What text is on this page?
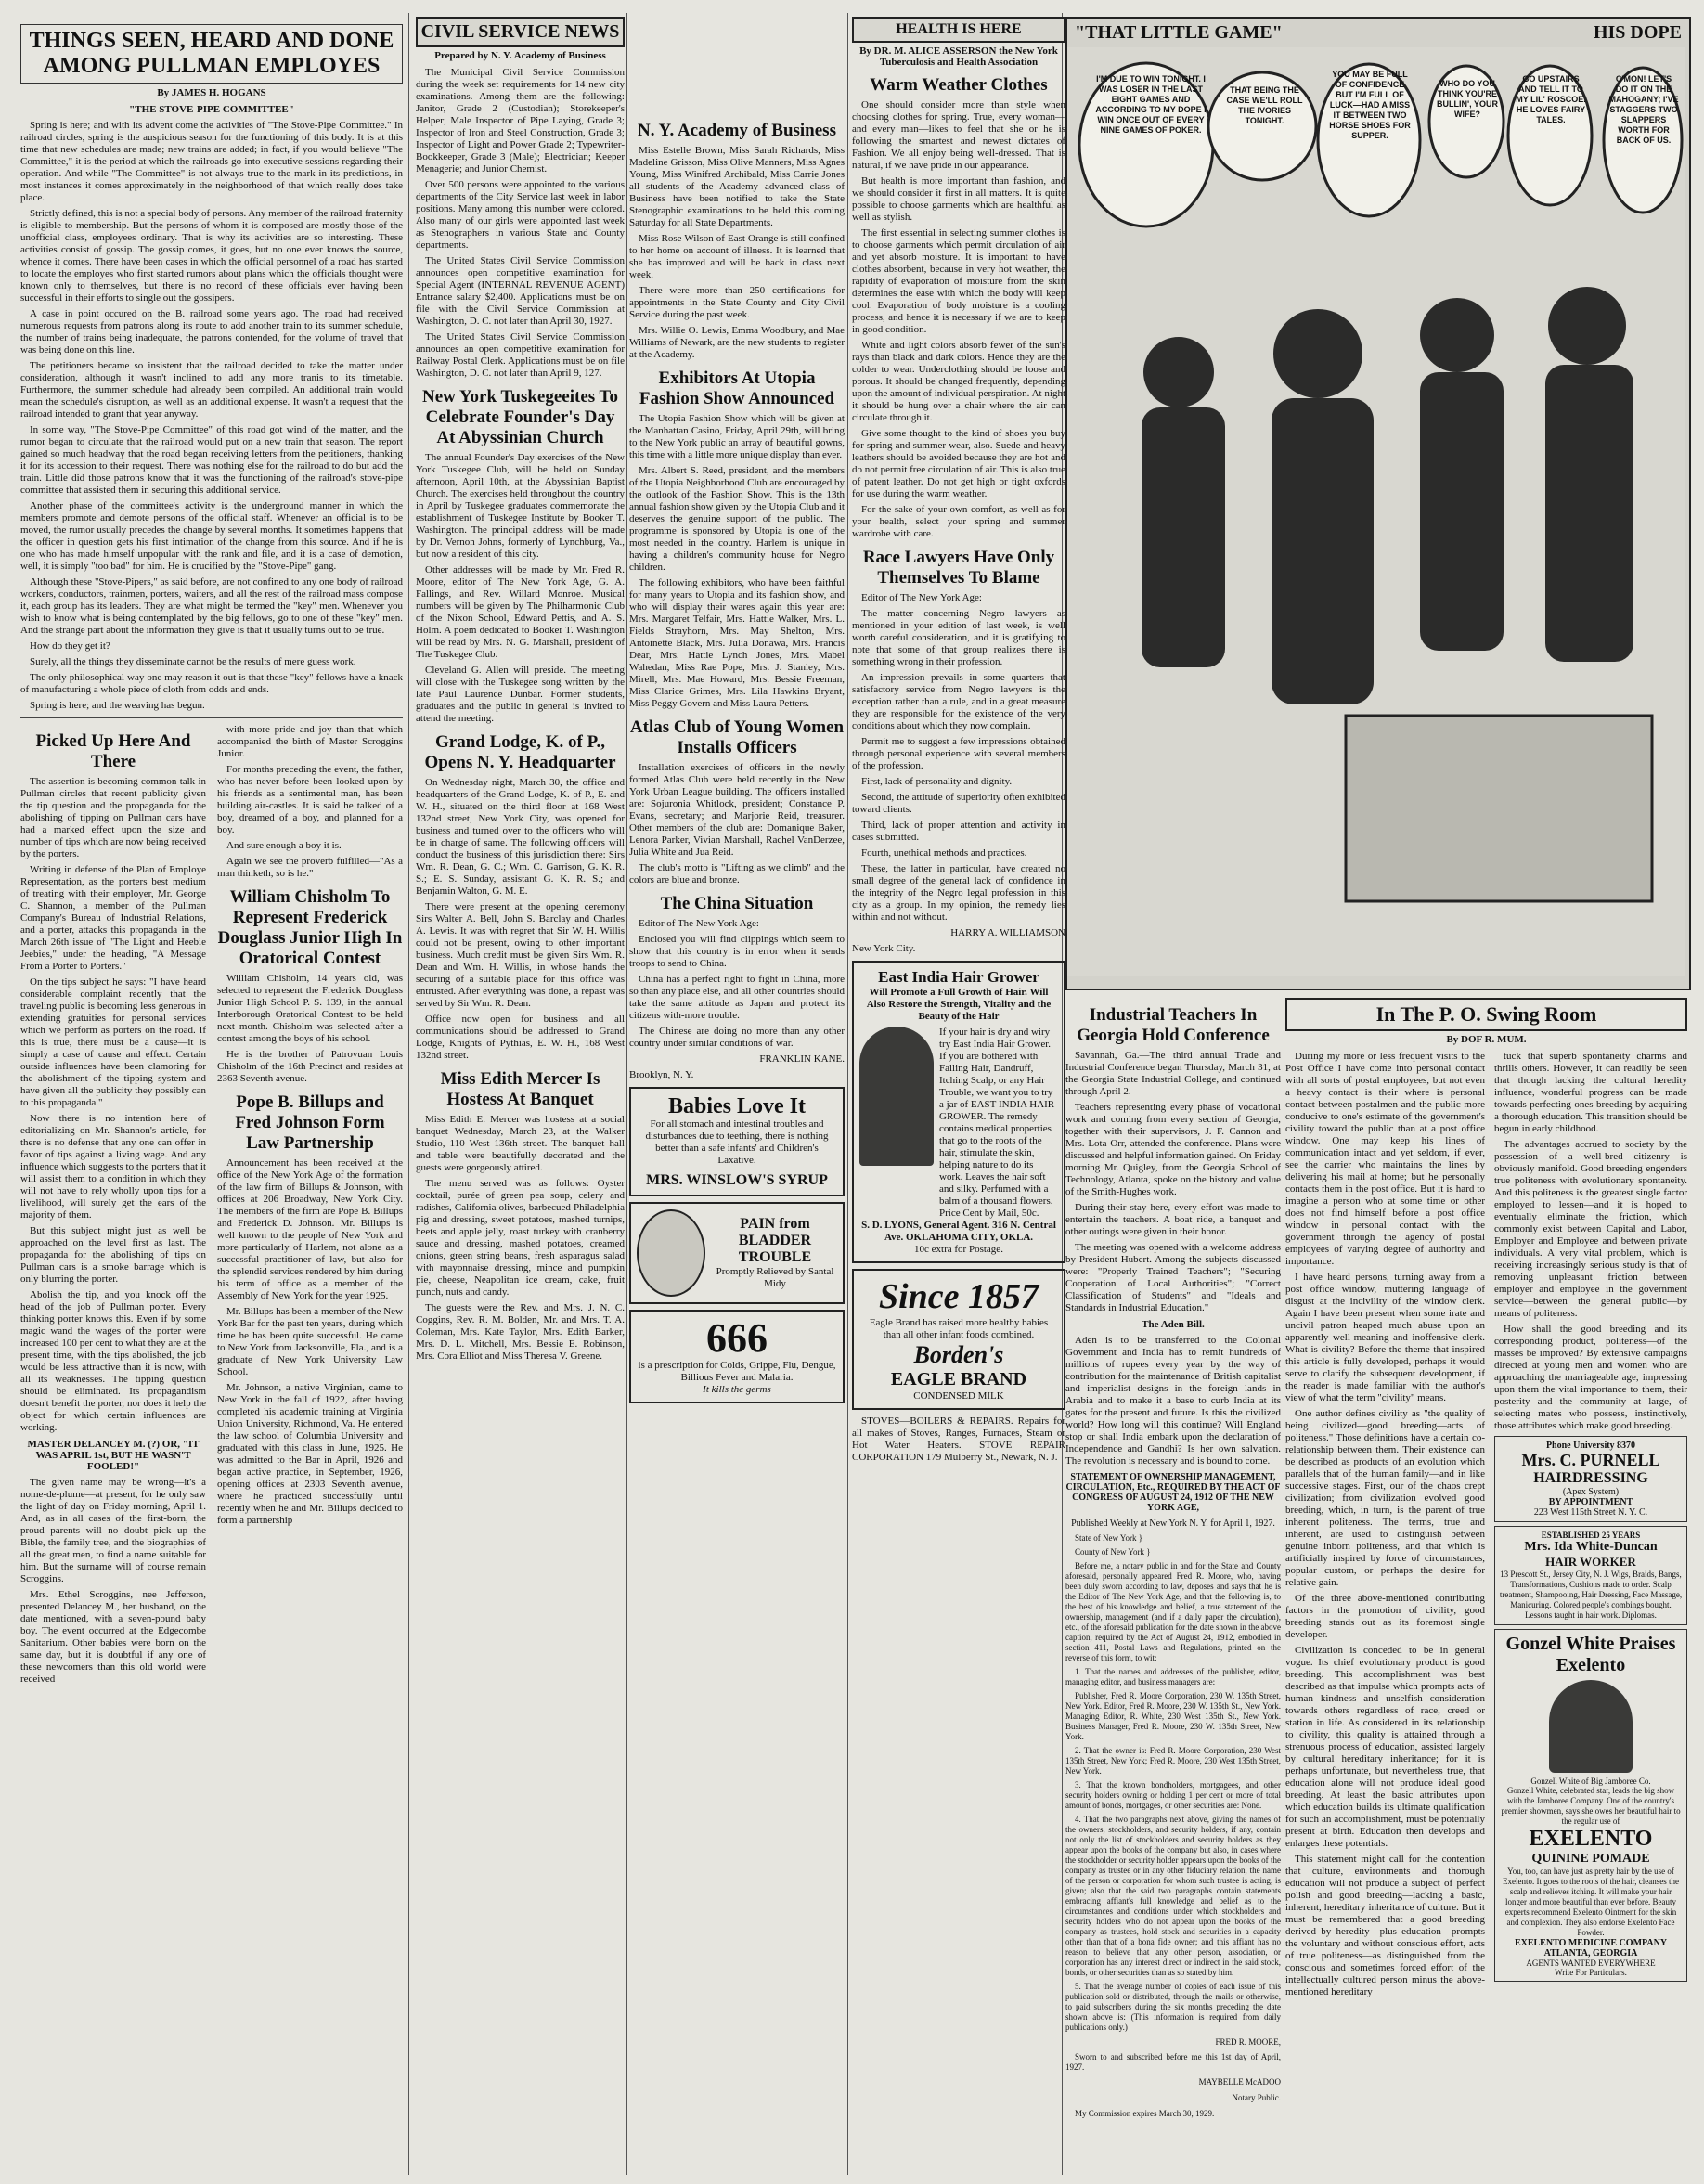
THINGS SEEN, HEARD AND DONE AMONG PULLMAN EMPLOYES
By JAMES H. HOGANS
"THE STOVE-PIPE COMMITTEE"

Spring is here; and with its advent come the activities of "The Stove-Pipe Committee." In railroad circles, spring is the auspicious season for the functioning of this body. It is at this time that new schedules are made; new trains are added; in fact, if you would believe "The Committee," it is the period at which the railroads go into executive sessions regarding their operation. And while "The Committee" is not always true to the mark in its predictions, in most instances it comes approximately in the neighborhood of that which really does take place.

Strictly defined, this is not a special body of persons. Any member of the railroad fraternity is eligible to membership. But the persons of whom it is composed are mostly those of the unofficial class, employees ordinary. That is why its activities are so interesting. These activities consist of gossip. The gossip comes, it goes, but no one ever knows the source, whence it comes. There have been cases in which the official personnel of a road has started to locate the employes who first started rumors about plans which the officials thought were known only to themselves, but there is no record of these officials ever having been successful in their efforts to single out the gossipers.

A case in point occured on the B. railroad some years ago. The road had received numerous requests from patrons along its route to add another train to its summer schedule, the number of trains being inadequate, the patrons contended, for the volume of travel that was being done on this line.

The petitioners became so insistent that the railroad decided to take the matter under consideration, although it wasn't inclined to add any more tranis to its timetable. Furthermore, the summer schedule had already been compiled. An additional train would mean the schedule's disruption, as well as an additional expense. It wasn't a request that the railroad intended to grant that year anyway.

In some way, "The Stove-Pipe Committee" of this road got wind of the matter, and the rumor began to circulate that the railroad would put on a new train that season. The report gained so much headway that the road began receiving letters from the petitioners, thanking it for its accession to their request. There was nothing else for the railroad to do but add the train. Little did those patrons know that it was the functioning of the railroad's stove-pipe committee that assisted them in securing this additional service.

Another phase of the committee's activity is the underground manner in which the members promote and demote persons of the official staff. Whenever an official is to be moved, the rumor usually precedes the change by several months. It sometimes happens that the officer in question gets his first intimation of the change from this source. And if he is one who has made himself unpopular with the rank and file, and it is a case of demotion, well, it is simply "too bad" for him. He is crucified by the "Stove-Pipe" gang.

Although these "Stove-Pipers," as said before, are not confined to any one body of railroad workers, conductors, trainmen, porters, waiters, and all the rest of the railroad mass compose it, each group has its leaders. They are what might be termed the "key" men. Whenever you wish to know what is being contemplated by the big fellows, go to one of these "key" men. And the strange part about the information they give is that it usually turns out to be true.

How do they get it?

Surely, all the things they disseminate cannot be the results of mere guess work.

The only philosophical way one may reason it out is that these "key" fellows have a knack of manufacturing a whole piece of cloth from odds and ends.

Spring is here; and the weaving has begun.

Picked Up Here And There

The assertion is becoming common talk in Pullman circles that recent publicity given the tip question and the propaganda for the abolishing of tipping on Pullman cars have had a marked effect upon the size and number of tips which are now being received by the porters.

Writing in defense of the Plan of Employe Representation, as the porters best medium of treating with their employer, Mr. George C. Shannon, a member of the Pullman Company's Bureau of Industrial Relations, and a porter, attacks this propaganda in the March 26th issue of "The Light and Heebie Jeebies," under the heading, "A Message From a Porter to Porters."

On the tips subject he says: "I have heard considerable complaint recently that the traveling public is becoming less generous in extending gratuities for personal services which we perform as porters on the road. If this is true, there must be a cause—it is simply a case of cause and effect. Certain outside influences have been clamoring for the abolishment of the tipping system and have given all the publicity they possibly can to this propaganda."

Now there is no intention here of editorializing on Mr. Shannon's article, for there is no defense that any one can offer in favor of tips against a living wage. And any influence which suggests to the porters that it will assist them to a condition in which they will not have to rely wholly upon tips for a livelihood, will surely get the ears of the majority of them.

But this subject might just as well be approached on the level first as last. The propaganda for the abolishing of tips on Pullman cars is a smoke barrage which is only blurring the porter.

Abolish the tip, and you knock off the head of the job of Pullman porter. Every thinking porter knows this. Even if by some magic wand the wages of the porter were increased 100 per cent to what they are at the present time, with the tips abolished, the job would be less attractive than it is now, with all its weaknesses. The tipping question should be eliminated. Its propagandism doesn't benefit the porter, nor does it help the object for which certain influences are working.

MASTER DELANCEY M. (?) OR, "IT WAS APRIL 1st, BUT HE WASN'T FOOLED!"

The given name may be wrong—it's a nome-de-plume—at present, for he only saw the light of day on Friday morning, April 1. And, as in all cases of the first-born, the proud parents will no doubt pick up the Bible, the family tree, and the biographies of all the great men, to find a name suitable for him. But the surname will of course remain Scroggins.

Mrs. Ethel Scroggins, nee Jefferson, presented Delancey M., her husband, on the date mentioned, with a seven-pound baby boy. The event occurred at the Edgecombe Sanitarium. Other babies were born on the same day, but it is doubtful if any one of these newcomers than this old world were received

with more pride and joy than that which accompanied the birth of Master Scroggins Junior.

For months preceding the event, the father, who has never before been looked upon by his friends as a sentimental man, has been building air-castles. It is said he talked of a boy, dreamed of a boy, and planned for a boy.

And sure enough a boy it is.

Again we see the proverb fulfilled—"As a man thinketh, so is he."

William Chisholm To Represent Frederick Douglass Junior High In Oratorical Contest

William Chisholm, 14 years old, was selected to represent the Frederick Douglass Junior High School P. S. 139, in the annual Interborough Oratorical Contest to be held next month. Chisholm was selected after a contest among the boys of his school.

He is the brother of Patrovuan Louis Chisholm of the 16th Precinct and resides at 2363 Seventh avenue.

Pope B. Billups and Fred Johnson Form Law Partnership

Announcement has been received at the office of the New York Age of the formation of the law firm of Billups & Johnson, with offices at 206 Broadway, New York City. The members of the firm are Pope B. Billups and Frederick D. Johnson. Mr. Billups is well known to the people of New York and more particularly of Harlem, not alone as a successful practitioner of law, but also for the splendid services rendered by him during his term of office as a member of the Assembly of New York for the year 1925.

Mr. Billups has been a member of the New York Bar for the past ten years, during which time he has been quite successful. He came to New York from Jacksonville, Fla., and is a graduate of New York University Law School.

Mr. Johnson, a native Virginian, came to New York in the fall of 1922, after having completed his academic training at Virginia Union University, Richmond, Va. He entered the law school of Columbia University and graduated with this class in June, 1925. He was admitted to the Bar in April, 1926 and began active practice, in September, 1926, opening offices at 2303 Seventh avenue, where he practiced successfully until recently when he and Mr. Billups decided to form a partnership

CIVIL SERVICE NEWS
Prepared by N. Y. Academy of Business

The Municipal Civil Service Commission during the week set requirements for 14 new city examinations. Among them are the following: Janitor, Grade 2 (Custodian); Storekeeper's Helper; Male Inspector of Pipe Laying, Grade 3; Inspector of Iron and Steel Construction, Grade 3; Inspector of Light and Power Grade 2; Typewriter-Bookkeeper, Grade 3 (Male); Electrician; Keeper Menagerie; and Junior Chemist.

Over 500 persons were appointed to the various departments of the City Service last week in labor positions. Many among this number were colored. Also many of our girls were appointed last week as Stenographers in various State and County departments.

The United States Civil Service Commission announces open competitive examination for Special Agent (INTERNAL REVENUE AGENT) Entrance salary $2,400. Applications must be on file with the Civil Service Commission at Washington, D. C. not later than April 30, 1927.

The United States Civil Service Commission announces an open competitive examination for Railway Postal Clerk. Applications must be on file Washington, D. C. not later than April 9, 127.

New York Tuskegeeites To Celebrate Founder's Day At Abyssinian Church

The annual Founder's Day exercises of the New York Tuskegee Club, will be held on Sunday afternoon, April 10th, at the Abyssinian Baptist Church. The exercises held throughout the country in April by Tuskegee graduates commemorate the establishment of Tuskegee Institute by Booker T. Washington. The principal address will be made by Dr. Vernon Johns, formerly of Lynchburg, Va., but now a resident of this city.

Other addresses will be made by Mr. Fred R. Moore, editor of The New York Age, G. A. Fallings, and Rev. Willard Monroe. Musical numbers will be given by The Philharmonic Club of the Nixon School, Edward Pettis, and A. S. Holm. A poem dedicated to Booker T. Washington will be read by Mrs. N. G. Marshall, president of The Tuskegee Club.

Cleveland G. Allen will preside. The meeting will close with the Tuskegee song written by the late Paul Laurence Dunbar. Former students, graduates and the public in general is invited to attend the meeting.

Grand Lodge, K. of P., Opens N. Y. Headquarter

On Wednesday night, March 30, the office and headquarters of the Grand Lodge, K. of P., E. and W. H., situated on the third floor at 168 West 132nd street, New York City, was opened for business and turned over to the officers who will be in charge of same. The following officers will conduct the business of this jurisdiction there: Sirs Wm. R. Dean, G. C.; Wm. C. Garrison, G. K. R. S.; E. S. Sunday, assistant G. K. R. S.; and Benjamin Walton, G. M. E.

There were present at the opening ceremony Sirs Walter A. Bell, John S. Barclay and Charles A. Lewis. It was with regret that Sir W. H. Willis could not be present, owing to other important business. Much credit must be given Sirs Wm. R. Dean and Wm. H. Willis, in whose hands the securing of a suitable place for this office was entrusted. After everything was done, a repast was served by Sir Wm. R. Dean.

Office now open for business and all communications should be addressed to Grand Lodge, Knights of Pythias, E. W. H., 168 West 132nd street.

Miss Edith Mercer Is Hostess At Banquet

Miss Edith E. Mercer was hostess at a social banquet Wednesday, March 23, at the Walker Studio, 110 West 136th street. The banquet hall and table were beautifully decorated and the guests were gorgeously attired.

The menu served was as follows: Oyster cocktail, purée of green pea soup, celery and radishes, California olives, barbecued Philadelphia pig and dressing, sweet potatoes, mashed turnips, beets and apple jelly, roast turkey with cranberry sauce and dressing, mashed potatoes, creamed onions, green string beans, fresh asparagus salad with mayonnaise dressing, mince and pumpkin pie, cheese, Neapolitan ice cream, cake, fruit punch, nuts and candy.

The guests were the Rev. and Mrs. J. N. C. Coggins, Rev. R. M. Bolden, Mr. and Mrs. T. A. Coleman, Mrs. Kate Taylor, Mrs. Edith Barker, Mrs. D. L. Mitchell, Mrs. Bessie E. Robinson, Mrs. Cora Elliot and Miss Theresa V. Greene.

N. Y. Academy of Business

Miss Estelle Brown, Miss Sarah Richards, Miss Madeline Grisson, Miss Olive Manners, Miss Agnes Young, Miss Winifred Archibald, Miss Carrie Jones all students of the Academy advanced class of Business have been notified to take the State Stenographic examinations to be held this coming Saturday for all State Departments.

Miss Rose Wilson of East Orange is still confined to her home on account of illness. It is learned that she has improved and will be back in class next week.

There were more than 250 certifications for appointments in the State County and City Civil Service during the past week.

Mrs. Willie O. Lewis, Emma Woodbury, and Mae Williams of Newark, are the new students to register at the Academy.

Exhibitors At Utopia Fashion Show Announced

The Utopia Fashion Show which will be given at the Manhattan Casino, Friday, April 29th, will bring to the New York public an array of beautiful gowns, this time with a little more unique display than ever.

Mrs. Albert S. Reed, president, and the members of the Utopia Neighborhood Club are encouraged by the outlook of the Fashion Show. This is the 13th annual fashion show given by the Utopia Club and it deserves the genuine support of the public. The programme is sponsored by Utopia is one of the most needed in the country. Harlem is unique in having a children's community house for Negro children.

The following exhibitors, who have been faithful for many years to Utopia and its fashion show, and who will display their wares again this year are: Mrs. Margaret Telfair, Mrs. Hattie Walker, Mrs. L. Fields Strayhorn, Mrs. May Shelton, Mrs. Antoinette Black, Mrs. Julia Donawa, Mrs. Francis Dear, Mrs. Hattie Lynch Jones, Mrs. Mabel Wahedan, Miss Rae Pope, Mrs. J. Stanley, Mrs. Mirell, Mrs. Mae Howard, Mrs. Bessie Freeman, Miss Clarice Grimes, Mrs. Lila Hawkins Bryant, Miss Peggy Govern and Miss Laura Petters.

Atlas Club of Young Women Installs Officers

Installation exercises of officers in the newly formed Atlas Club were held recently in the New York Urban League building. The officers installed are: Sojuronia Whitlock, president; Constance P. Evans, secretary; and Marjorie Reid, treasurer. Other members of the club are: Domanique Baker, Lenora Parker, Vivian Marshall, Rachel VanDerzee, Julia White and Jua Reid.

The club's motto is "Lifting as we climb" and the colors are blue and bronze.

The China Situation

Editor of The New York Age:

Enclosed you will find clippings which seem to show that this country is in error when it sends troops to send to China.

China has a perfect right to fight in China, more so than any place else, and all other countries should take the same attitude as Japan and protect its citizens with-more trouble.

The Chinese are doing no more than any other country under similar conditions of war.

FRANKLIN KANE.

Brooklyn, N. Y.

Babies Love It
For all stomach and intestinal troubles and disturbances due to teething, there is nothing better than a safe infants' and Children's Laxative.
MRS. WINSLOW'S SYRUP
PAIN from BLADDER TROUBLE
Promptly Relieved by Santal Midy
666
is a prescription for Colds, Grippe, Flu, Dengue, Billious Fever and Malaria.
It kills the germs
HEALTH IS HERE
By DR. M. ALICE ASSERSON the New York Tuberculosis and Health Association
Warm Weather Clothes

One should consider more than style when choosing clothes for spring. True, every woman—and every man—likes to feel that she or he is following the smartest and newest dictates of Fashion. We all enjoy being well-dressed. That is natural, if we have pride in our appearance.

But health is more important than fashion, and we should consider it first in all matters. It is quite possible to choose garments which are healthful as well as stylish.

The first essential in selecting summer clothes is to choose garments which permit circulation of air and yet absorb moisture. It is important to have clothes absorbent, because in very hot weather, the rapidity of evaporation of moisture from the skin determines the ease with which the body will keep cool. Evaporation of body moisture is a cooling process, and hence it is necessary if we are to keep in good condition.

White and light colors absorb fewer of the sun's rays than black and dark colors. Hence they are the colder to wear. Underclothing should be loose and porous. It should be changed frequently, depending upon the amount of individual perspiration. At night it should be hung over a chair where the air can circulate through it.

Give some thought to the kind of shoes you buy for spring and summer wear, also. Suede and heavy leathers should be avoided because they are hot and do not permit free circulation of air. This is also true of patent leather. Do not get high or tight oxfords for use during the warm weather.

For the sake of your own comfort, as well as for your health, select your spring and summer wardrobe with care.

Race Lawyers Have Only Themselves To Blame

Editor of The New York Age:

The matter concerning Negro lawyers as mentioned in your edition of last week, is well worth careful consideration, and it is gratifying to note that some of that group realizes there is something wrong in their profession.

An impression prevails in some quarters that satisfactory service from Negro lawyers is the exception rather than a rule, and in a great measure they are responsible for the existence of the very conditions about which they now complain.

Permit me to suggest a few impressions obtained through personal experience with several members of the profession.

First, lack of personality and dignity.

Second, the attitude of superiority often exhibited toward clients.

Third, lack of proper attention and activity in cases submitted.

Fourth, unethical methods and practices.

These, the latter in particular, have created no small degree of the general lack of confidence in the integrity of the Negro legal profession in this city as a group. In my opinion, the remedy lies within and not without.

HARRY A. WILLIAMSON

New York City.

East India Hair Grower
Will Promote a Full Growth of Hair. Will Also Restore the Strength, Vitality and the Beauty of the Hair
If your hair is dry and wiry try East India Hair Grower. If you are bothered with Falling Hair, Dandruff, Itching Scalp, or any Hair Trouble, we want you to try a jar of EAST INDIA HAIR GROWER. The remedy contains medical properties that go to the roots of the hair, stimulate the skin, helping nature to do its work. Leaves the hair soft and silky. Perfumed with a balm of a thousand flowers. Price Cent by Mail, 50c.
S. D. LYONS, General Agent. 316 N. Central Ave. OKLAHOMA CITY, OKLA.
10c extra for Postage.
Since 1857
Eagle Brand has raised more healthy babies than all other infant foods combined.
Borden's
EAGLE BRAND
CONDENSED MILK

STOVES—BOILERS & REPAIRS. Repairs for all makes of Stoves, Ranges, Furnaces, Steam or Hot Water Heaters. STOVE REPAIR CORPORATION 179 Mulberry St., Newark, N. J.

"THAT LITTLE GAME"	HIS DOPE
I'M DUE TO WIN TONIGHT. I WAS LOSER IN THE LAST EIGHT GAMES AND ACCORDING TO MY DOPE I WIN ONCE OUT OF EVERY NINE GAMES OF POKER.
THAT BEING THE CASE WE'LL ROLL THE IVORIES TONIGHT.
YOU MAY BE FULL OF CONFIDENCE BUT I'M FULL OF LUCK—HAD A MISS IT BETWEEN TWO HORSE SHOES FOR SUPPER.
WHO DO YOU THINK YOU'RE BULLIN', YOUR WIFE?
GO UPSTAIRS AND TELL IT TO MY LIL' ROSCOE. HE LOVES FAIRY TALES.
C'MON! LET'S DO IT ON THE MAHOGANY; I'VE STAGGERS TWO SLAPPERS WORTH FOR BACK OF US.
Industrial Teachers In Georgia Hold Conference

Savannah, Ga.—The third annual Trade and Industrial Conference began Thursday, March 31, at the Georgia State Industrial College, and continued through April 2.

Teachers representing every phase of vocational work and coming from every section of Georgia, together with their supervisors, J. F. Cannon and Mrs. Lota Orr, attended the conference. Plans were discussed and helpful information gained. On Friday morning Mr. Quigley, from the Georgia School of Technology, Atlanta, spoke on the history and value of the Smith-Hughes work.

During their stay here, every effort was made to entertain the teachers. A boat ride, a banquet and other outings were given in their honor.

The meeting was opened with a welcome address by President Hubert. Among the subjects discussed were: "Properly Trained Teachers"; "Securing Cooperation of Local Authorities"; "Correct Classification of Students" and "Ideals and Standards in Industrial Education."

The Aden Bill.

Aden is to be transferred to the Colonial Government and India has to remit hundreds of millions of rupees every year by the way of contribution for the maintenance of British capitalist and imperialist designs in the foreign lands in Arabia and to make it a base to curb India at its gates for the present and future. Is this the civilized world? How long will this continue? Will England stop or shall India embark upon the declaration of Independence and Gandhi? Is her own salvation. The revolution is necessary and is bound to come.

STATEMENT OF OWNERSHIP MANAGEMENT, CIRCULATION, Etc., REQUIRED BY THE ACT OF CONGRESS OF AUGUST 24, 1912 OF THE NEW YORK AGE,

Published Weekly at New York N. Y. for April 1, 1927.

State of New York }

County of New York }

Before me, a notary public in and for the State and County aforesaid, personally appeared Fred R. Moore, who, having been duly sworn according to law, deposes and says that he is the Editor of The New York Age, and that the following is, to the best of his knowledge and belief, a true statement of the ownership, management (and if a daily paper the circulation), etc., of the aforesaid publication for the date shown in the above caption, required by the Act of August 24, 1912, embodied in section 411, Postal Laws and Regulations, printed on the reverse of this form, to wit:

1. That the names and addresses of the publisher, editor, managing editor, and business managers are:

Publisher, Fred R. Moore Corporation, 230 W. 135th Street, New York. Editor, Fred R. Moore, 230 W. 135th St., New York. Managing Editor, R. White, 230 West 135th St., New York. Business Manager, Fred R. Moore, 230 W. 135th Street, New York.

2. That the owner is: Fred R. Moore Corporation, 230 West 135th Street, New York; Fred R. Moore, 230 West 135th Street, New York.

3. That the known bondholders, mortgagees, and other security holders owning or holding 1 per cent or more of total amount of bonds, mortgages, or other securities are: None.

4. That the two paragraphs next above, giving the names of the owners, stockholders, and security holders, if any, contain not only the list of stockholders and security holders as they appear upon the books of the company but also, in cases where the stockholder or security holder appears upon the books of the company as trustee or in any other fiduciary relation, the name of the person or corporation for whom such trustee is acting, is given; also that the said two paragraphs contain statements embracing affiant's full knowledge and belief as to the circumstances and conditions under which stockholders and security holders who do not appear upon the books of the company as trustees, hold stock and securities in a capacity other than that of a bona fide owner; and this affiant has no reason to believe that any other person, association, or corporation has any interest direct or indirect in the said stock, bonds, or other securities than as so stated by him.

5. That the average number of copies of each issue of this publication sold or distributed, through the mails or otherwise, to paid subscribers during the six months preceding the date shown above is: (This information is required from daily publications only.)

FRED R. MOORE,

Sworn to and subscribed before me this 1st day of April, 1927.

MAYBELLE McADOO

Notary Public.

My Commission expires March 30, 1929.

In The P. O. Swing Room
By DOF R. MUM.

During my more or less frequent visits to the Post Office I have come into personal contact with all sorts of postal employees, but not even a heavy contact is their where is personal contact between postalmen and the public more conducive to one's estimate of the government's civility toward the public than at a post office window. One may keep his lines of communication intact and yet seldom, if ever, see the carrier who maintains the lines by delivering his mail at home; but he personally contacts them in the post office. But it is hard to imagine a person who at some time or other does not find himself before a post office window in personal contact with the government through the agency of postal employees of varying degree of authority and importance.

I have heard persons, turning away from a post office window, muttering language of disgust at the incivility of the window clerk. Again I have been present when some irate and uncivil patron heaped much abuse upon an apparently well-meaning and inoffensive clerk. What is civility? Before the theme that inspired this article is fully developed, perhaps it would serve to clarify the subsequent development, if the reader is made familiar with the author's view of what the term "civility" means.

One author defines civility as "the quality of being civilized—good breeding—acts of politeness." Those definitions have a certain co-relationship between them. Their existence can be described as products of an evolution which parallels that of the human family—and in like successive stages. First, our of the chaos crept civilization; from civilization evolved good breeding, which, in turn, is the parent of true inherent politeness. The terms, true and inherent, are used to distinguish between genuine inborn politeness, and that which is artificially inspired by force of circumstances, popular custom, or perhaps the desire for relative gain.

Of the three above-mentioned contributing factors in the promotion of civility, good breeding stands out as its foremost single developer.

Civilization is conceded to be in general vogue. Its chief evolutionary product is good breeding. This accomplishment was best described as that impulse which prompts acts of human kindness and unselfish consideration towards others regardless of race, creed or station in life. As considered in its relationship to civility, this quality is attained through a strenuous process of education, assisted largely by cultural hereditary inheritance; for it is perhaps unfortunate, but nevertheless true, that education alone will not produce ideal good breeding. At least the basic attributes upon which education builds its ultimate qualification for such an accomplishment, must be potentially present at birth. Education then develops and enlarges these potentials.

This statement might call for the contention that culture, environments and thorough education will not produce a subject of perfect polish and good breeding—lacking a basic, inherent, hereditary inheritance of culture. But it must be remembered that a good breeding derived by heredity—plus education—prompts the voluntary and without conscious effort, acts of true politeness—as distinguished from the conscious and sometimes forced effort of the intellectually cultured person minus the above-mentioned hereditary

tuck that superb spontaneity charms and thrills others. However, it can readily be seen that though lacking the cultural heredity influence, wonderful progress can be made towards perfecting ones breeding by acquiring a thorough education. This transition should be begun in early childhood.

The advantages accrued to society by the possession of a well-bred citizenry is obviously manifold. Good breeding engenders true politeness with evolutionary spontaneity. And this politeness is the greatest single factor employed to lessen—and it is hoped to eventually eliminate the friction, which commonly exist between Capital and Labor, Employer and Employee and between private individuals. A very vital problem, which is receiving increasingly serious study is that of removing unpleasant friction between employer and employee in the government service—between the general public—by means of politeness.

How shall the good breeding and its corresponding product, politeness—of the masses be improved? By extensive campaigns directed at young men and women who are approaching the marriageable age, impressing upon them the vital importance to them, their posterity and the community at large, of selecting mates who possess, instinctively, those attributes which make good breeding.

Phone University 8370
Mrs. C. PURNELL
HAIRDRESSING
(Apex System)
BY APPOINTMENT
223 West 115th Street N. Y. C.
ESTABLISHED 25 YEARS
Mrs. Ida White-Duncan
HAIR WORKER
13 Prescott St., Jersey City, N. J. Wigs, Braids, Bangs, Transformations, Cushions made to order. Scalp treatment, Shampooing, Hair Dressing, Face Massage, Manicuring. Colored people's combings bought. Lessons taught in hair work. Diplomas.
Gonzel White Praises Exelento
Gonzell White of Big Jamboree Co.
Gonzell White, celebrated star, leads the big show with the Jamboree Company. One of the country's premier showmen, says she owes her beautiful hair to the regular use of
EXELENTO
QUININE POMADE
You, too, can have just as pretty hair by the use of Exelento. It goes to the roots of the hair, cleanses the scalp and relieves itching. It will make your hair longer and more beautiful than ever before. Beauty experts recommend Exelento Ointment for the skin and complexion. They also endorse Exelento Face Powder.
EXELENTO MEDICINE COMPANY
ATLANTA, GEORGIA
AGENTS WANTED EVERYWHERE
Write For Particulars.
